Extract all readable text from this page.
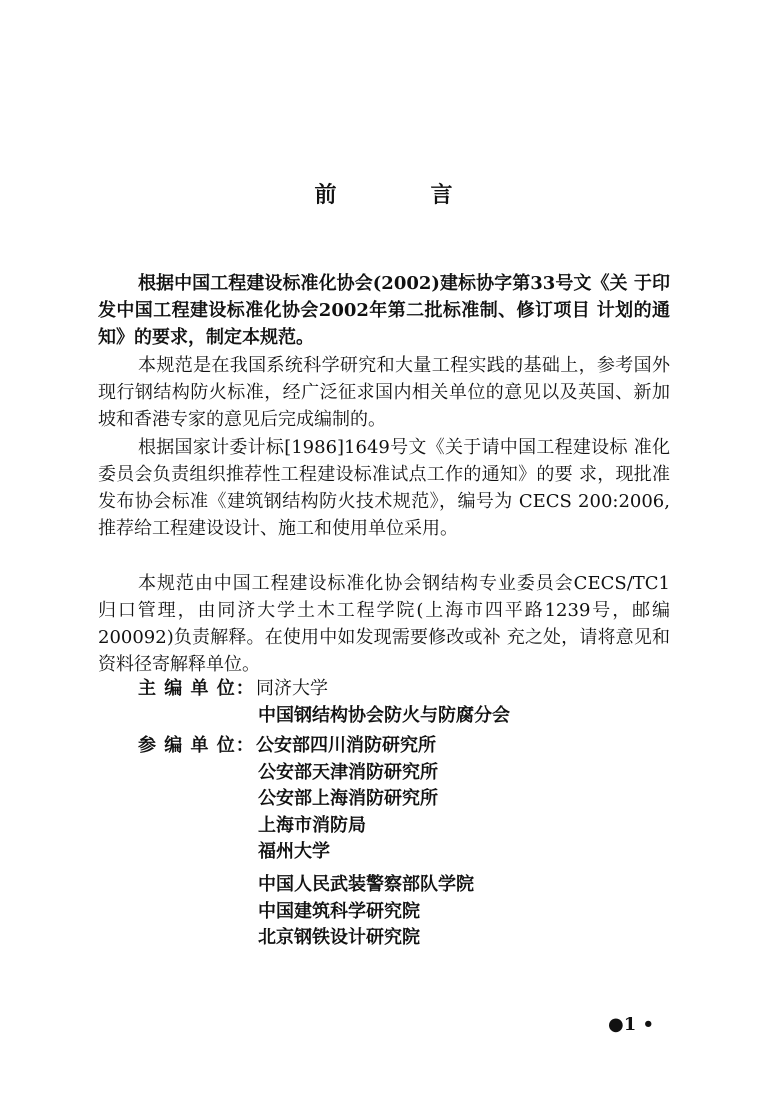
前　言
根据中国工程建设标准化协会(2002)建标协字第33号文《关 于印发中国工程建设标准化协会2002年第二批标准制、修订项目 计划的通知》的要求，制定本规范。
本规范是在我国系统科学研究和大量工程实践的基础上，参考国外现行钢结构防火标准，经广泛征求国内相关单位的意见以及英国、新加坡和香港专家的意见后完成编制的。
根据国家计委计标[1986]1649号文《关于请中国工程建设标 准化委员会负责组织推荐性工程建设标准试点工作的通知》的要 求，现批准发布协会标准《建筑钢结构防火技术规范》，编号为 CECS 200:2006,推荐给工程建设设计、施工和使用单位采用。
本规范由中国工程建设标准化协会钢结构专业委员会CECS/TC1 归口管理，由同济大学土木工程学院(上海市四平路1239号，邮编200092)负责解释。在使用中如发现需要修改或补 充之处，请将意见和资料径寄解释单位。
主 编 单 位：同济大学
中国钢结构协会防火与防腐分会
参 编 单 位：公安部四川消防研究所
公安部天津消防研究所
公安部上海消防研究所
上海市消防局
福州大学
中国人民武装警察部队学院
中国建筑科学研究院
北京钢铁设计研究院
●1 •
